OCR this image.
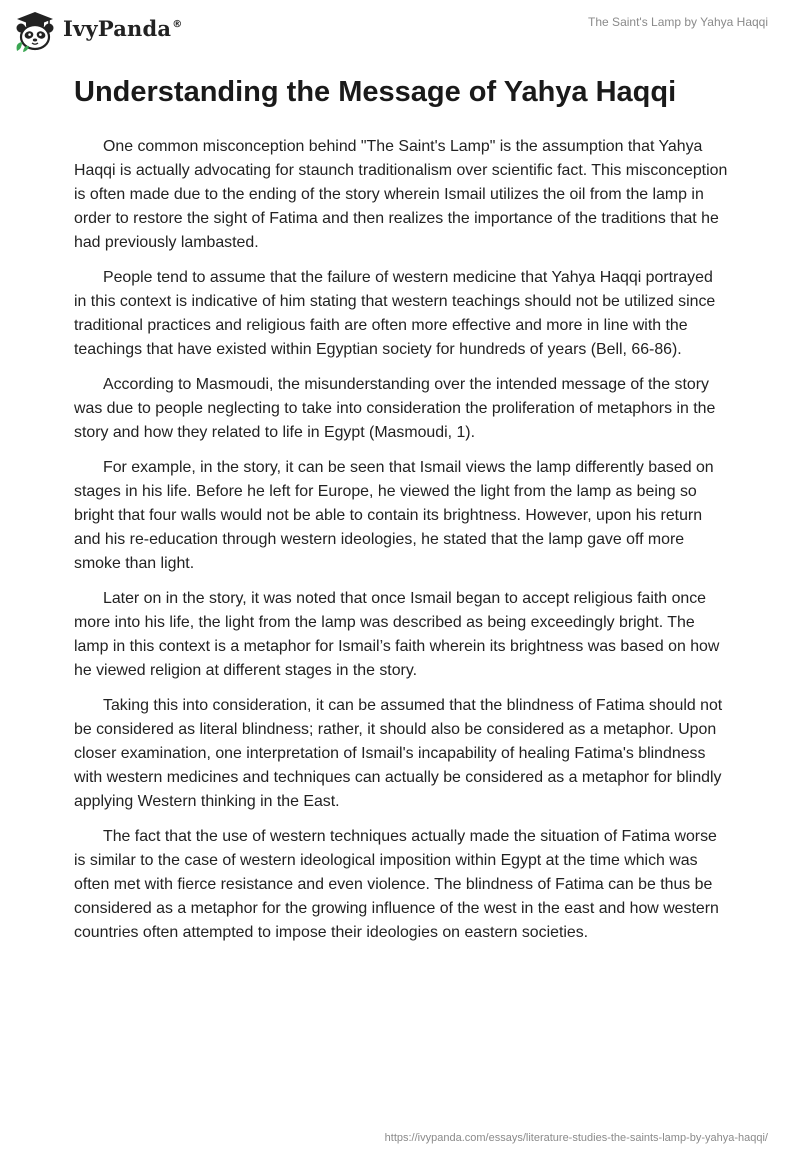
IvyPanda®	The Saint's Lamp by Yahya Haqqi
Understanding the Message of Yahya Haqqi

One common misconception behind "The Saint's Lamp" is the assumption that Yahya Haqqi is actually advocating for staunch traditionalism over scientific fact. This misconception is often made due to the ending of the story wherein Ismail utilizes the oil from the lamp in order to restore the sight of Fatima and then realizes the importance of the traditions that he had previously lambasted.

People tend to assume that the failure of western medicine that Yahya Haqqi portrayed in this context is indicative of him stating that western teachings should not be utilized since traditional practices and religious faith are often more effective and more in line with the teachings that have existed within Egyptian society for hundreds of years (Bell, 66-86).

According to Masmoudi, the misunderstanding over the intended message of the story was due to people neglecting to take into consideration the proliferation of metaphors in the story and how they related to life in Egypt (Masmoudi, 1).

For example, in the story, it can be seen that Ismail views the lamp differently based on stages in his life. Before he left for Europe, he viewed the light from the lamp as being so bright that four walls would not be able to contain its brightness. However, upon his return and his re-education through western ideologies, he stated that the lamp gave off more smoke than light.

Later on in the story, it was noted that once Ismail began to accept religious faith once more into his life, the light from the lamp was described as being exceedingly bright. The lamp in this context is a metaphor for Ismail’s faith wherein its brightness was based on how he viewed religion at different stages in the story.

Taking this into consideration, it can be assumed that the blindness of Fatima should not be considered as literal blindness; rather, it should also be considered as a metaphor. Upon closer examination, one interpretation of Ismail's incapability of healing Fatima's blindness with western medicines and techniques can actually be considered as a metaphor for blindly applying Western thinking in the East.

The fact that the use of western techniques actually made the situation of Fatima worse is similar to the case of western ideological imposition within Egypt at the time which was often met with fierce resistance and even violence. The blindness of Fatima can be thus be considered as a metaphor for the growing influence of the west in the east and how western countries often attempted to impose their ideologies on eastern societies.

https://ivypanda.com/essays/literature-studies-the-saints-lamp-by-yahya-haqqi/
